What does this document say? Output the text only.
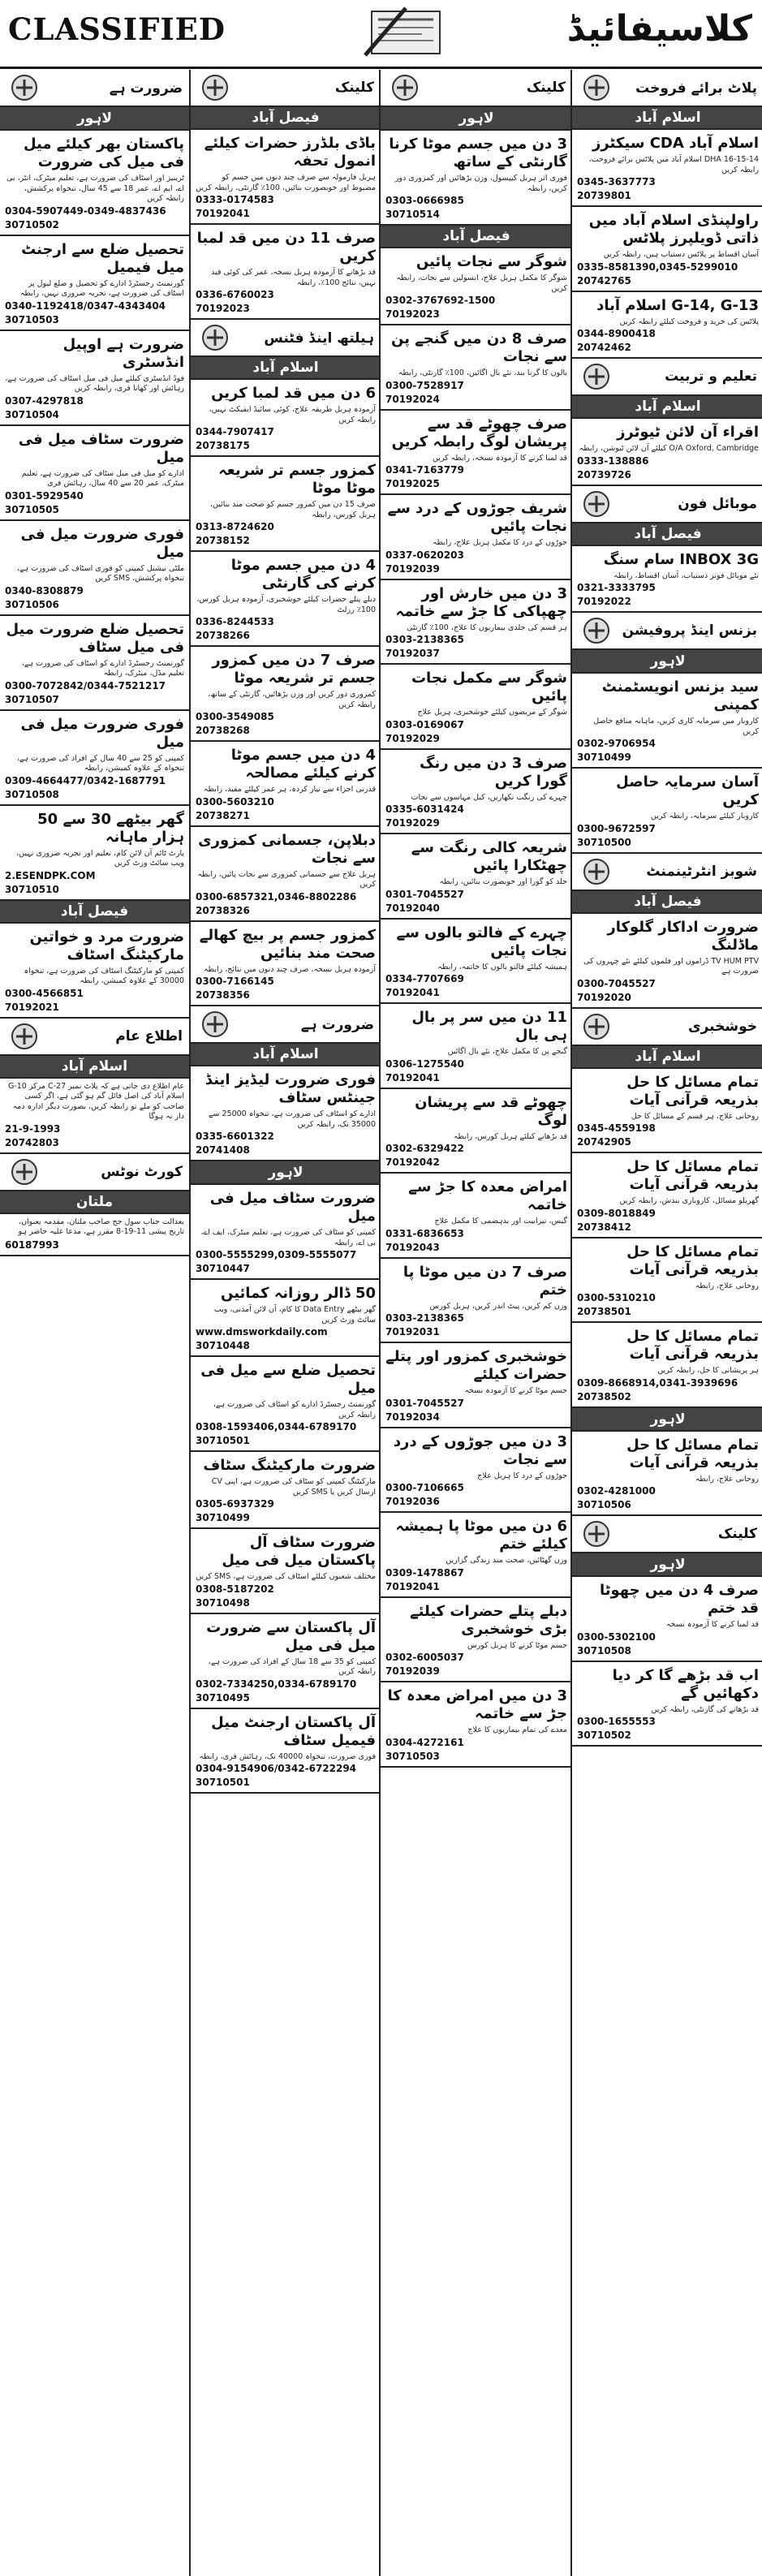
CLASSIFIED	کلاسیفائیڈ
ضرورت ہے
لاہور
پاکستان بھر کیلئے میل فی میل کی ضرورت
ٹرینیز اور اسٹاف کی ضرورت ہے، تعلیم میٹرک، انٹر، بی اے، ایم اے، عمر 18 سے 45 سال، تنخواہ پرکشش، رابطہ کریں
0304-5907449-0349-4837436
30710502
تحصیل ضلع سے ارجنٹ میل فیمیل
گورنمنٹ رجسٹرڈ ادارے کو تحصیل و ضلع لیول پر اسٹاف کی ضرورت ہے، تجربہ ضروری نہیں، رابطہ
0340-1192418/0347-4343404
30710503
ضرورت ہے اوپیل انڈسٹری
فوڈ انڈسٹری کیلئے میل فی میل اسٹاف کی ضرورت ہے، رہائش اور کھانا فری، رابطہ کریں
0307-4297818
30710504
ضرورت سٹاف میل فی میل
ادارے کو میل فی میل سٹاف کی ضرورت ہے، تعلیم میٹرک، عمر 20 سے 40 سال، رہائش فری
0301-5929540
30710505
فوری ضرورت میل فی میل
ملٹی نیشنل کمپنی کو فوری اسٹاف کی ضرورت ہے، تنخواہ پرکشش، SMS کریں
0340-8308879
30710506
تحصیل ضلع ضرورت میل فی میل سٹاف
گورنمنٹ رجسٹرڈ ادارے کو اسٹاف کی ضرورت ہے، تعلیم مڈل، میٹرک، رابطہ
0300-7072842/0344-7521217
30710507
فوری ضرورت میل فی میل
کمپنی کو 25 سے 40 سال کے افراد کی ضرورت ہے، تنخواہ کے علاوہ کمیشن، رابطہ
0309-4664477/0342-1687791
30710508
گھر بیٹھے 30 سے 50 ہزار ماہانہ
پارٹ ٹائم آن لائن کام، تعلیم اور تجربہ ضروری نہیں، ویب سائٹ وزٹ کریں
2.ESENDPK.COM
30710510
فیصل آباد
ضرورت مرد و خواتین مارکیٹنگ اسٹاف
کمپنی کو مارکیٹنگ اسٹاف کی ضرورت ہے، تنخواہ 30000 کے علاوہ کمیشن، رابطہ
0300-4566851
70192021
اطلاع عام
اسلام آباد
عام اطلاع دی جاتی ہے کہ پلاٹ نمبر 27-C مرکز G-10 اسلام آباد کی اصل فائل گم ہو گئی ہے، اگر کسی صاحب کو ملے تو رابطہ کریں، بصورت دیگر ادارہ ذمہ دار نہ ہوگا
21-9-1993
20742803
کورٹ نوٹس
ملتان
بعدالت جناب سول جج صاحب ملتان، مقدمہ بعنوان، تاریخ پیشی 11-19-8 مقرر ہے، مدعا علیہ حاضر ہو
60187993
کلینک
فیصل آباد
باڈی بلڈرز حضرات کیلئے انمول تحفہ
ہربل فارمولہ سے صرف چند دنوں میں جسم کو مضبوط اور خوبصورت بنائیں، 100٪ گارنٹی، رابطہ کریں
0333-0174583
70192041
صرف 11 دن میں قد لمبا کریں
قد بڑھانے کا آزمودہ ہربل نسخہ، عمر کی کوئی قید نہیں، نتائج 100٪، رابطہ
0336-6760023
70192023
ہیلتھ اینڈ فٹنس
اسلام آباد
6 دن میں قد لمبا کریں
آزمودہ ہربل طریقہ علاج، کوئی سائیڈ ایفیکٹ نہیں، رابطہ کریں
0344-7907417
20738175
کمزور جسم تر شریعہ موٹا موٹا
صرف 15 دن میں کمزور جسم کو صحت مند بنائیں، ہربل کورس، رابطہ
0313-8724620
20738152
4 دن میں جسم موٹا کرنے کی گارنٹی
دبلے پتلے حضرات کیلئے خوشخبری، آزمودہ ہربل کورس، 100٪ رزلٹ
0336-8244533
20738266
صرف 7 دن میں کمزور جسم تر شریعہ موٹا
کمزوری دور کریں اور وزن بڑھائیں، گارنٹی کے ساتھ، رابطہ کریں
0300-3549085
20738268
4 دن میں جسم موٹا کرنے کیلئے مصالحہ
قدرتی اجزاء سے تیار کردہ، ہر عمر کیلئے مفید، رابطہ
0300-5603210
20738271
دبلاپن، جسمانی کمزوری سے نجات
ہربل علاج سے جسمانی کمزوری سے نجات پائیں، رابطہ کریں
0300-6857321,0346-8802286
20738326
کمزور جسم پر بیچ کھالے صحت مند بنائیں
آزمودہ ہربل نسخہ، صرف چند دنوں میں نتائج، رابطہ
0300-7166145
20738356
ضرورت ہے
اسلام آباد
فوری ضرورت لیڈیز اینڈ جینٹس سٹاف
ادارے کو اسٹاف کی ضرورت ہے، تنخواہ 25000 سے 35000 تک، رابطہ کریں
0335-6601322
20741408
لاہور
ضرورت سٹاف میل فی میل
کمپنی کو سٹاف کی ضرورت ہے، تعلیم میٹرک، ایف اے، بی اے، رابطہ
0300-5555299,0309-5555077
30710447
50 ڈالر روزانہ کمائیں
گھر بیٹھے Data Entry کا کام، آن لائن آمدنی، ویب سائٹ وزٹ کریں
www.dmsworkdaily.com
30710448
تحصیل ضلع سے میل فی میل
گورنمنٹ رجسٹرڈ ادارے کو اسٹاف کی ضرورت ہے، رابطہ کریں
0308-1593406,0344-6789170
30710501
ضرورت مارکیٹنگ سٹاف
مارکیٹنگ کمپنی کو سٹاف کی ضرورت ہے، اپنی CV ارسال کریں یا SMS کریں
0305-6937329
30710499
ضرورت سٹاف آل پاکستان میل فی میل
مختلف شعبوں کیلئے اسٹاف کی ضرورت ہے، SMS کریں
0308-5187202
30710498
آل پاکستان سے ضرورت میل فی میل
کمپنی کو 35 سے 18 سال کے افراد کی ضرورت ہے، رابطہ کریں
0302-7334250,0334-6789170
30710495
آل پاکستان ارجنٹ میل فیمیل سٹاف
فوری ضرورت، تنخواہ 40000 تک، رہائش فری، رابطہ
0304-9154906/0342-6722294
30710501
کلینک
لاہور
3 دن میں جسم موٹا کرنا گارنٹی کے ساتھ
فوری اثر ہربل کیپسول، وزن بڑھائیں اور کمزوری دور کریں، رابطہ
0303-0666985
30710514
فیصل آباد
شوگر سے نجات پائیں
شوگر کا مکمل ہربل علاج، انسولین سے نجات، رابطہ کریں
0302-3767692-1500
70192023
صرف 8 دن میں گنجے پن سے نجات
بالوں کا گرنا بند، نئے بال اگائیں، 100٪ گارنٹی، رابطہ
0300-7528917
70192024
صرف چھوٹے قد سے پریشان لوگ رابطہ کریں
قد لمبا کرنے کا آزمودہ نسخہ، رابطہ کریں
0341-7163779
70192025
شریف جوڑوں کے درد سے نجات پائیں
جوڑوں کے درد کا مکمل ہربل علاج، رابطہ
0337-0620203
70192039
3 دن میں خارش اور چھپاکی کا جڑ سے خاتمہ
ہر قسم کی جلدی بیماریوں کا علاج، 100٪ گارنٹی
0303-2138365
70192037
شوگر سے مکمل نجات پائیں
شوگر کے مریضوں کیلئے خوشخبری، ہربل علاج
0303-0169067
70192029
صرف 3 دن میں رنگ گورا کریں
چہرے کی رنگت نکھاریں، کیل مہاسوں سے نجات
0335-6031424
70192029
شریعہ کالی رنگت سے چھٹکارا پائیں
جلد کو گورا اور خوبصورت بنائیں، رابطہ
0301-7045527
70192040
چہرے کے فالتو بالوں سے نجات پائیں
ہمیشہ کیلئے فالتو بالوں کا خاتمہ، رابطہ
0334-7707669
70192041
11 دن میں سر پر بال ہی بال
گنجے پن کا مکمل علاج، نئے بال اگائیں
0306-1275540
70192041
چھوٹے قد سے پریشان لوگ
قد بڑھانے کیلئے ہربل کورس، رابطہ
0302-6329422
70192042
امراض معدہ کا جڑ سے خاتمہ
گیس، تیزابیت اور بدہضمی کا مکمل علاج
0331-6836653
70192043
صرف 7 دن میں موٹا پا ختم
وزن کم کریں، پیٹ اندر کریں، ہربل کورس
0303-2138365
70192031
خوشخبری کمزور اور پتلے حضرات کیلئے
جسم موٹا کرنے کا آزمودہ نسخہ
0301-7045527
70192034
3 دن میں جوڑوں کے درد سے نجات
جوڑوں کے درد کا ہربل علاج
0300-7106665
70192036
6 دن میں موٹا پا ہمیشہ کیلئے ختم
وزن گھٹائیں، صحت مند زندگی گزاریں
0309-1478867
70192041
دبلے پتلے حضرات کیلئے بڑی خوشخبری
جسم موٹا کرنے کا ہربل کورس
0302-6005037
70192039
3 دن میں امراض معدہ کا جڑ سے خاتمہ
معدے کی تمام بیماریوں کا علاج
0304-4272161
30710503
پلاٹ برائے فروخت
اسلام آباد
اسلام آباد CDA سیکٹرز
DHA 16-15-14 اسلام آباد میں پلاٹس برائے فروخت، رابطہ کریں
0345-3637773
20739801
راولپنڈی اسلام آباد میں ذاتی ڈویلپرز پلاٹس
آسان اقساط پر پلاٹس دستیاب ہیں، رابطہ کریں
0335-8581390,0345-5299010
20742765
G-14, G-13 اسلام آباد
پلاٹس کی خرید و فروخت کیلئے رابطہ کریں
0344-8900418
20742462
تعلیم و تربیت
اسلام آباد
اقراء آن لائن ٹیوٹرز
O/A Oxford, Cambridge کیلئے آن لائن ٹیوشن، رابطہ
0333-138886
20739726
موبائل فون
فیصل آباد
INBOX 3G سام سنگ
نئے موبائل فونز دستیاب، آسان اقساط، رابطہ
0321-3333795
70192022
بزنس اینڈ پروفیشن
لاہور
سید بزنس انویسٹمنٹ کمپنی
کاروبار میں سرمایہ کاری کریں، ماہانہ منافع حاصل کریں
0302-9706954
30710499
آسان سرمایہ حاصل کریں
کاروبار کیلئے سرمایہ، رابطہ کریں
0300-9672597
30710500
شوبز انٹرٹینمنٹ
فیصل آباد
ضرورت اداکار گلوکار ماڈلنگ
TV HUM PTV ڈراموں اور فلموں کیلئے نئے چہروں کی ضرورت ہے
0300-7045527
70192020
خوشخبری
اسلام آباد
تمام مسائل کا حل بذریعہ قرآنی آیات
روحانی علاج، ہر قسم کے مسائل کا حل
0345-4559198
20742905
تمام مسائل کا حل بذریعہ قرآنی آیات
گھریلو مسائل، کاروباری بندش، رابطہ کریں
0309-8018849
20738412
تمام مسائل کا حل بذریعہ قرآنی آیات
روحانی علاج، رابطہ
0300-5310210
20738501
تمام مسائل کا حل بذریعہ قرآنی آیات
ہر پریشانی کا حل، رابطہ کریں
0309-8668914,0341-3939696
20738502
لاہور
تمام مسائل کا حل بذریعہ قرآنی آیات
روحانی علاج، رابطہ
0302-4281000
30710506
کلینک
لاہور
صرف 4 دن میں چھوٹا قد ختم
قد لمبا کرنے کا آزمودہ نسخہ
0300-5302100
30710508
اب قد بڑھے گا کر دیا دکھائیں گے
قد بڑھانے کی گارنٹی، رابطہ کریں
0300-1655553
30710502
